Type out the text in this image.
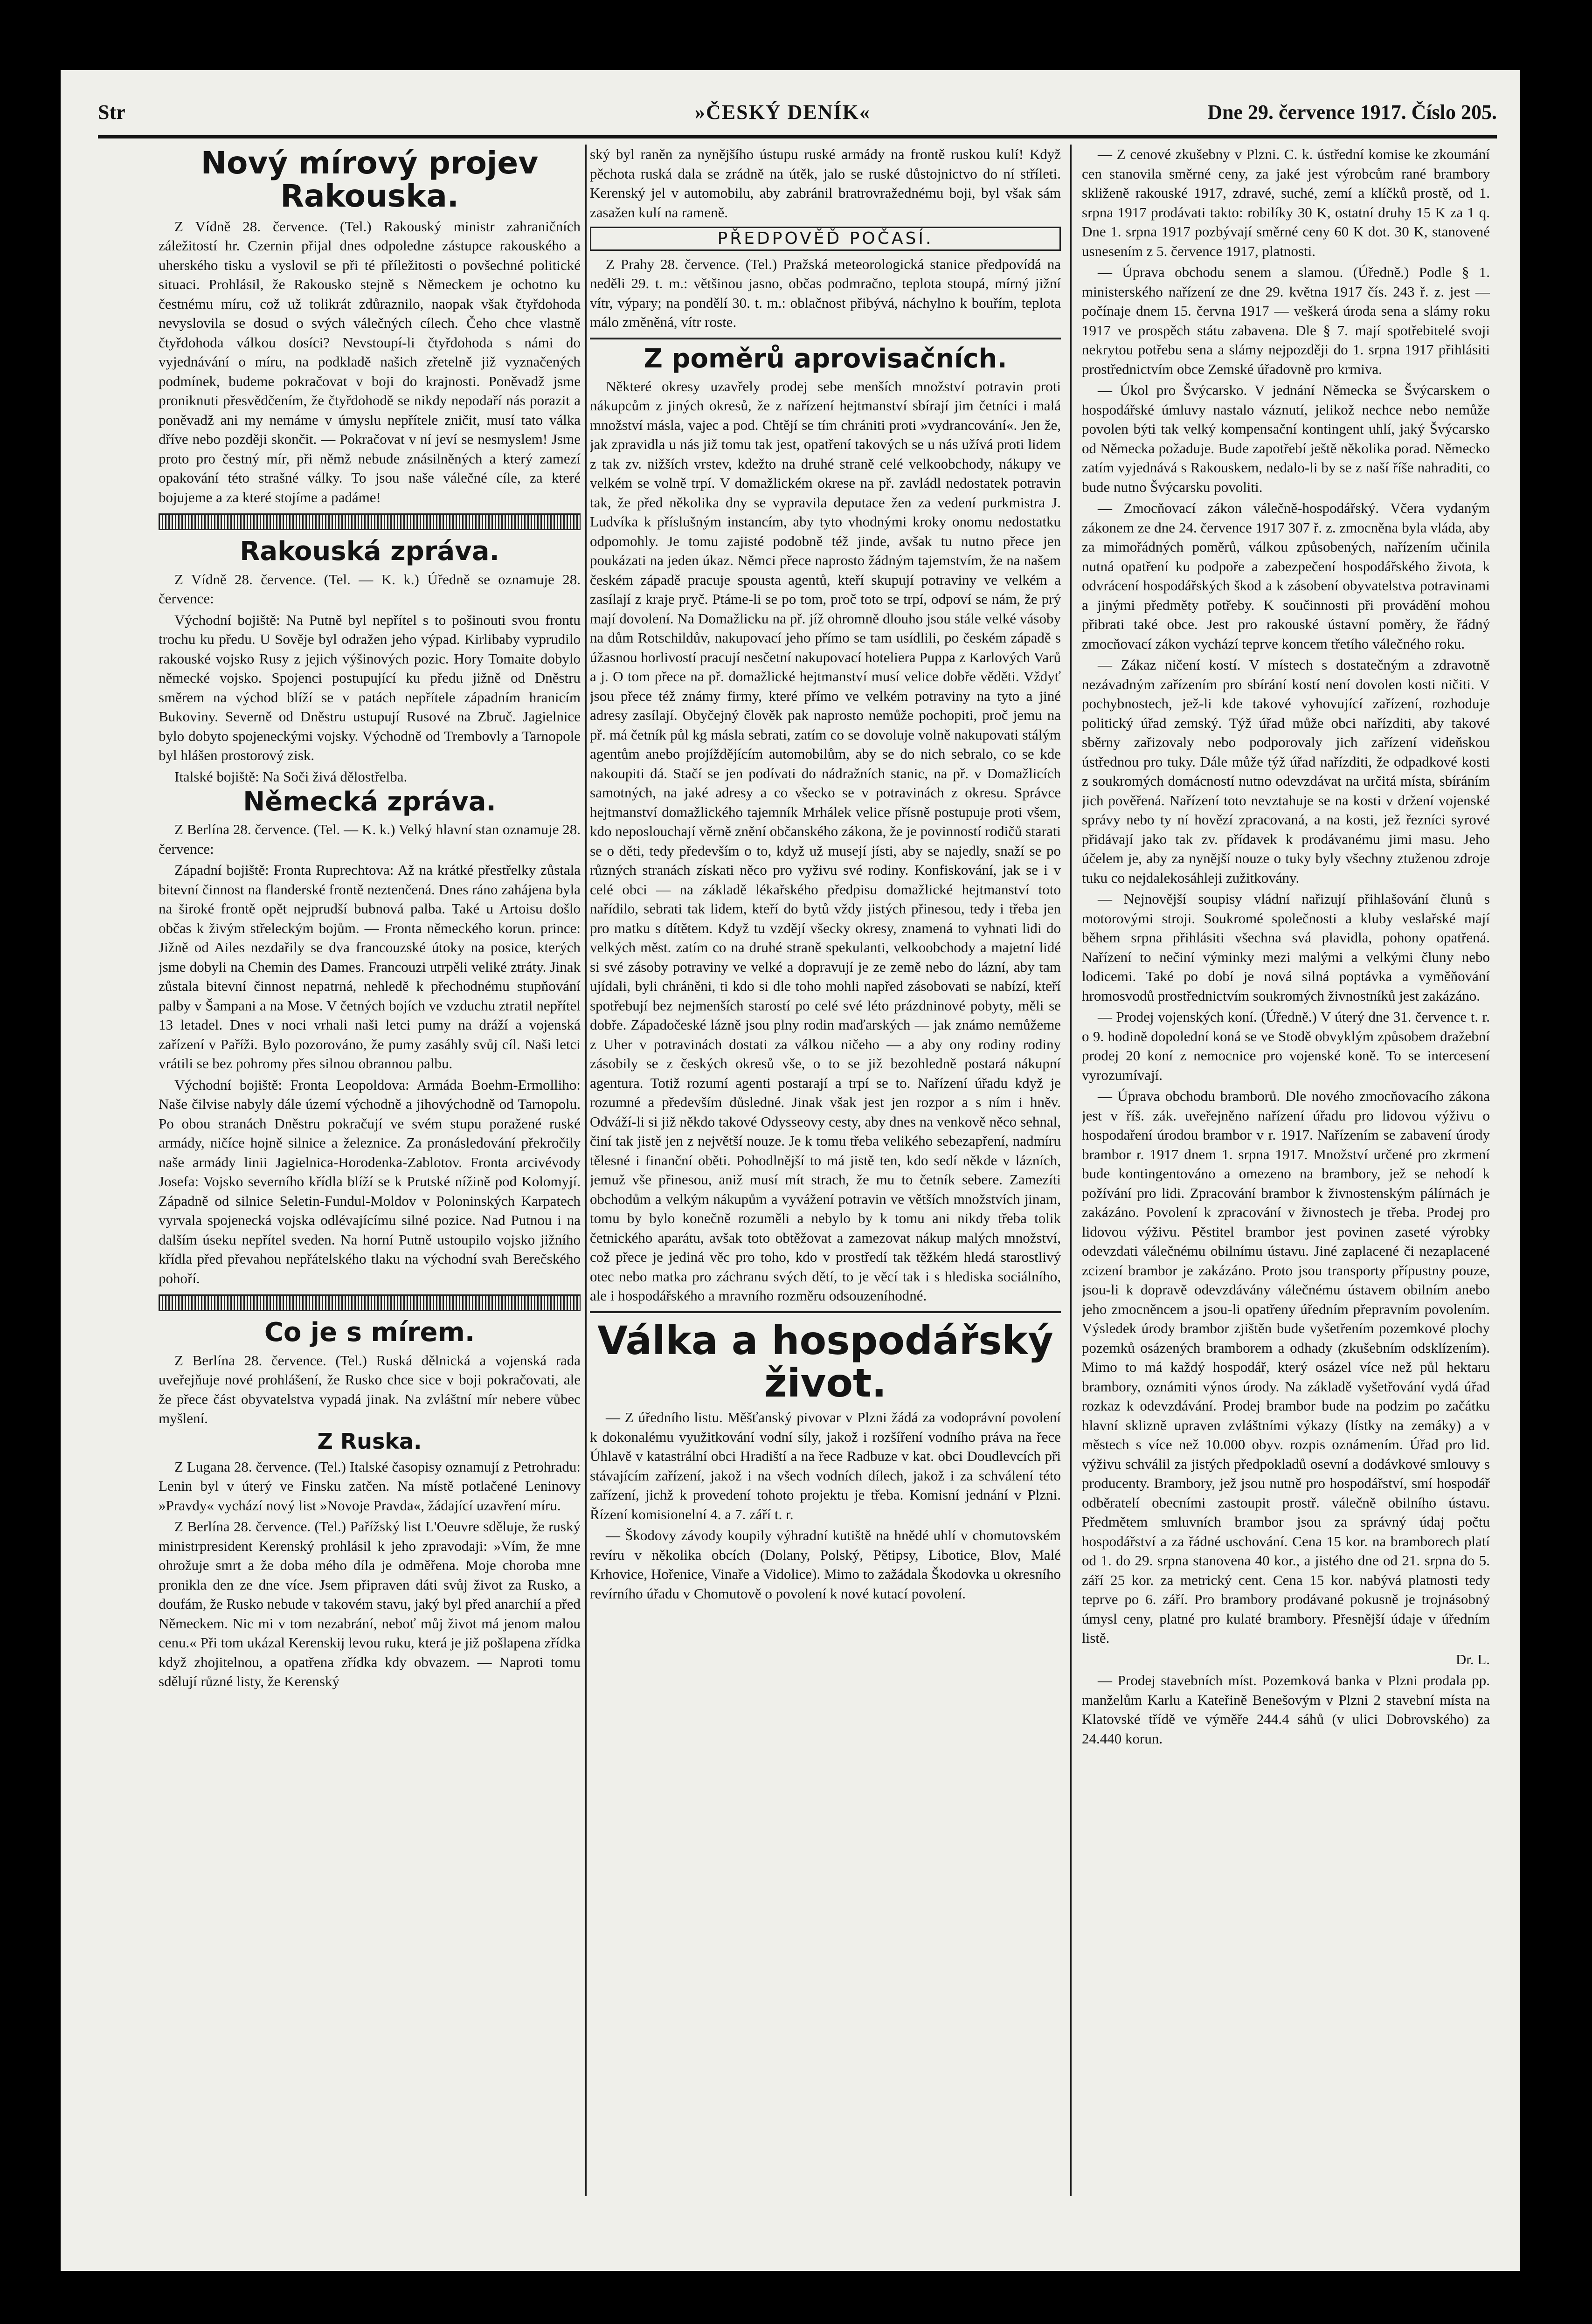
Str	»ČESKÝ DENÍK«	Dne 29. července 1917. Číslo 205.
Nový mírový projev Rakouska.

Z Vídně 28. července. (Tel.) Rakouský ministr zahraničních záležitostí hr. Czernin přijal dnes odpoledne zástupce rakouského a uherského tisku a vyslovil se při té příležitosti o povšechné politické situaci. Prohlásil, že Rakousko stejně s Německem je ochotno ku čestnému míru, což už tolikrát zdůraznilo, naopak však čtyřdohoda nevyslovila se dosud o svých válečných cílech. Čeho chce vlastně čtyřdohoda válkou dosíci? Nevstoupí-li čtyřdohoda s námi do vyjednávání o míru, na podkladě našich zřetelně již vyznačených podmínek, budeme pokračovat v boji do krajnosti. Poněvadž jsme proniknuti přesvědčením, že čtyřdohodě se nikdy nepodaří nás porazit a poněvadž ani my nemáme v úmyslu nepřítele zničit, musí tato válka dříve nebo později skončit. — Pokračovat v ní jeví se nesmyslem! Jsme proto pro čestný mír, při němž nebude znásilněných a který zamezí opakování této strašné války. To jsou naše válečné cíle, za které bojujeme a za které stojíme a padáme!

Rakouská zpráva.

Z Vídně 28. července. (Tel. — K. k.) Úředně se oznamuje 28. července:

Východní bojiště: Na Putně byl nepřítel s to pošinouti svou frontu trochu ku předu. U Sověje byl odražen jeho výpad. Kirlibaby vyprudilo rakouské vojsko Rusy z jejich výšinových pozic. Hory Tomaite dobylo německé vojsko. Spojenci postupující ku předu jižně od Dněstru směrem na východ blíží se v patách nepřítele západním hranicím Bukoviny. Severně od Dněstru ustupují Rusové na Zbruč. Jagielnice bylo dobyto spojeneckými vojsky. Východně od Trembovly a Tarnopole byl hlášen prostorový zisk.

Italské bojiště: Na Soči živá dělostřelba.

Německá zpráva.

Z Berlína 28. července. (Tel. — K. k.) Velký hlavní stan oznamuje 28. července:

Západní bojiště: Fronta Ruprechtova: Až na krátké přestřelky zůstala bitevní činnost na flanderské frontě neztenčená. Dnes ráno zahájena byla na široké frontě opět nejprudší bubnová palba. Také u Artoisu došlo občas k živým střeleckým bojům. — Fronta německého korun. prince: Jižně od Ailes nezdařily se dva francouzské útoky na posice, kterých jsme dobyli na Chemin des Dames. Francouzi utrpěli veliké ztráty. Jinak zůstala bitevní činnost nepatrná, nehledě k přechodnému stupňování palby v Šampani a na Mose. V četných bojích ve vzduchu ztratil nepřítel 13 letadel. Dnes v noci vrhali naši letci pumy na dráží a vojenská zařízení v Paříži. Bylo pozorováno, že pumy zasáhly svůj cíl. Naši letci vrátili se bez pohromy přes silnou obrannou palbu.

Východní bojiště: Fronta Leopoldova: Armáda Boehm-Ermolliho: Naše čilvise nabyly dále území východně a jihovýchodně od Tarnopolu. Po obou stranách Dněstru pokračují ve svém stupu poražené ruské armády, ničíce hojně silnice a železnice. Za pronásledování překročily naše armády linii Jagielnica-Horodenka-Zablotov. Fronta arcivévody Josefa: Vojsko severního křídla blíží se k Prutské nížině pod Kolomyjí. Západně od silnice Seletin-Fundul-Moldov v Poloninských Karpatech vyrvala spojenecká vojska odlévajícímu silné pozice. Nad Putnou i na dalším úseku nepřítel sveden. Na horní Putně ustoupilo vojsko jižního křídla před převahou nepřátelského tlaku na východní svah Berečského pohoří.

Co je s mírem.

Z Berlína 28. července. (Tel.) Ruská dělnická a vojenská rada uveřejňuje nové prohlášení, že Rusko chce sice v boji pokračovati, ale že přece část obyvatelstva vypadá jinak. Na zvláštní mír nebere vůbec myšlení.

Z Ruska.

Z Lugana 28. července. (Tel.) Italské časopisy oznamují z Petrohradu: Lenin byl v úterý ve Finsku zatčen. Na místě potlačené Leninovy »Pravdy« vychází nový list »Novoje Pravda«, žádající uzavření míru.

Z Berlína 28. července. (Tel.) Pařížský list L'Oeuvre sděluje, že ruský ministrpresident Kerenský prohlásil k jeho zpravodaji: »Vím, že mne ohrožuje smrt a že doba mého díla je odměřena. Moje choroba mne pronikla den ze dne více. Jsem připraven dáti svůj život za Rusko, a doufám, že Rusko nebude v takovém stavu, jaký byl před anarchií a před Německem. Nic mi v tom nezabrání, neboť můj život má jenom malou cenu.« Při tom ukázal Kerenskij levou ruku, která je již pošlapena zřídka když zhojitelnou, a opatřena zřídka kdy obvazem. — Naproti tomu sdělují různé listy, že Kerenský

ský byl raněn za nynějšího ústupu ruské armády na frontě ruskou kulí! Když pěchota ruská dala se zrádně na útěk, jalo se ruské důstojnictvo do ní stříleti. Kerenský jel v automobilu, aby zabránil bratrovražednému boji, byl však sám zasažen kulí na rameně.

PŘEDPOVĚĎ POČASÍ.

Z Prahy 28. července. (Tel.) Pražská meteorologická stanice předpovídá na neděli 29. t. m.: většinou jasno, občas podmračno, teplota stoupá, mírný jižní vítr, výpary; na pondělí 30. t. m.: oblačnost přibývá, náchylno k bouřím, teplota málo změněná, vítr roste.

Z poměrů aprovisačních.

Některé okresy uzavřely prodej sebe menších množství potravin proti nákupcům z jiných okresů, že z nařízení hejtmanství sbírají jim četníci i malá množství másla, vajec a pod. Chtějí se tím chrániti proti »vydrancování«. Jen že, jak zpravidla u nás již tomu tak jest, opatření takových se u nás užívá proti lidem z tak zv. nižších vrstev, kdežto na druhé straně celé velkoobchody, nákupy ve velkém se volně trpí. V domažlickém okrese na př. zavládl nedostatek potravin tak, že před několika dny se vypravila deputace žen za vedení purkmistra J. Ludvíka k příslušným instancím, aby tyto vhodnými kroky onomu nedostatku odpomohly. Je tomu zajisté podobně též jinde, avšak tu nutno přece jen poukázati na jeden úkaz. Němci přece naprosto žádným tajemstvím, že na našem českém západě pracuje spousta agentů, kteří skupují potraviny ve velkém a zasílají z kraje pryč. Ptáme-li se po tom, proč toto se trpí, odpoví se nám, že prý mají dovolení. Na Domažlicku na př. jíž ohromně dlouho jsou stále velké vásoby na dům Rotschildův, nakupovací jeho přímo se tam usídlili, po českém západě s úžasnou horlivostí pracují nesčetní nakupovací hoteliera Puppa z Karlových Varů a j. O tom přece na př. domažlické hejtmanství musí velice dobře věděti. Vždyť jsou přece též známy firmy, které přímo ve velkém potraviny na tyto a jiné adresy zasílají. Obyčejný člověk pak naprosto nemůže pochopiti, proč jemu na př. má četník půl kg másla sebrati, zatím co se dovoluje volně nakupovati stálým agentům anebo projíždějícím automobilům, aby se do nich sebralo, co se kde nakoupiti dá. Stačí se jen podívati do nádražních stanic, na př. v Domažlicích samotných, na jaké adresy a co všecko se v potravinách z okresu. Správce hejtmanství domažlického tajemník Mrhálek velice přísně postupuje proti všem, kdo neposlouchají věrně znění občanského zákona, že je povinností rodičů starati se o děti, tedy především o to, když už musejí jísti, aby se najedly, snaží se po různých stranách získati něco pro vyživu své rodiny. Konfiskování, jak se i v celé obci — na základě lékařského předpisu domažlické hejtmanství toto nařídilo, sebrati tak lidem, kteří do bytů vždy jistých přinesou, tedy i třeba jen pro matku s dítětem. Když tu vzdějí všecky okresy, znamená to vyhnati lidi do velkých měst. zatím co na druhé straně spekulanti, velkoobchody a majetní lidé si své zásoby potraviny ve velké a dopravují je ze země nebo do lázní, aby tam ujídali, byli chráněni, ti kdo si dle toho mohli napřed zásobovati se nabízí, kteří spotřebují bez nejmenších starostí po celé své léto prázdninové pobyty, měli se dobře. Západočeské lázně jsou plny rodin maďarských — jak známo nemůžeme z Uher v potravinách dostati za válkou ničeho — a aby ony rodiny rodiny zásobily se z českých okresů vše, o to se již bezohledně postará nákupní agentura. Totiž rozumí agenti postarají a trpí se to. Nařízení úřadu když je rozumné a především důsledné. Jinak však jest jen rozpor a s ním i hněv. Odváží-li si již někdo takové Odysseovy cesty, aby dnes na venkově něco sehnal, činí tak jistě jen z největší nouze. Je k tomu třeba velikého sebezapření, nadmíru tělesné i finanční oběti. Pohodlnější to má jistě ten, kdo sedí někde v lázních, jemuž vše přinesou, aniž musí mít strach, že mu to četník sebere. Zamezíti obchodům a velkým nákupům a vyvážení potravin ve větších množstvích jinam, tomu by bylo konečně rozuměli a nebylo by k tomu ani nikdy třeba tolik četnického aparátu, avšak toto obtěžovat a zamezovat nákup malých množství, což přece je jediná věc pro toho, kdo v prostředí tak těžkém hledá starostlivý otec nebo matka pro záchranu svých dětí, to je věcí tak i s hlediska sociálního, ale i hospodářského a mravního rozměru odsouzeníhodné.

Válka a hospodářský život.

— Z úředního listu. Měšťanský pivovar v Plzni žádá za vodoprávní povolení k dokonalému využitkování vodní síly, jakož i rozšíření vodního práva na řece Úhlavě v katastrální obci Hradiští a na řece Radbuze v kat. obci Doudlevcích při stávajícím zařízení, jakož i na všech vodních dílech, jakož i za schválení této zařízení, jichž k provedení tohoto projektu je třeba. Komisní jednání v Plzni. Řízení komisionelní 4. a 7. září t. r.

— Škodovy závody koupily výhradní kutiště na hnědé uhlí v chomutovském revíru v několika obcích (Dolany, Polský, Pětipsy, Libotice, Blov, Malé Krhovice, Hořenice, Vinaře a Vidolice). Mimo to zažádala Škodovka u okresního revírního úřadu v Chomutově o povolení k nové kutací povolení.

— Z cenové zkušebny v Plzni. C. k. ústřední komise ke zkoumání cen stanovila směrné ceny, za jaké jest výrobcům rané brambory skliženě rakouské 1917, zdravé, suché, zemí a klíčků prostě, od 1. srpna 1917 prodávati takto: robilíky 30 K, ostatní druhy 15 K za 1 q. Dne 1. srpna 1917 pozbývají směrné ceny 60 K dot. 30 K, stanovené usnesením z 5. července 1917, platnosti.

— Úprava obchodu senem a slamou. (Úředně.) Podle § 1. ministerského nařízení ze dne 29. května 1917 čís. 243 ř. z. jest — počínaje dnem 15. června 1917 — veškerá úroda sena a slámy roku 1917 ve prospěch státu zabavena. Dle § 7. mají spotřebitelé svoji nekrytou potřebu sena a slámy nejpozději do 1. srpna 1917 přihlásiti prostřednictvím obce Zemské úřadovně pro krmiva.

— Úkol pro Švýcarsko. V jednání Německa se Švýcarskem o hospodářské úmluvy nastalo váznutí, jelikož nechce nebo nemůže povolen býti tak velký kompensační kontingent uhlí, jaký Švýcarsko od Německa požaduje. Bude zapotřebí ještě několika porad. Německo zatím vyjednává s Rakouskem, nedalo-li by se z naší říše nahraditi, co bude nutno Švýcarsku povoliti.

— Zmocňovací zákon válečně-hospodářský. Včera vydaným zákonem ze dne 24. července 1917 307 ř. z. zmocněna byla vláda, aby za mimořádných poměrů, válkou způsobených, nařízením učinila nutná opatření ku podpoře a zabezpečení hospodářského života, k odvrácení hospodářských škod a k zásobení obyvatelstva potravinami a jinými předměty potřeby. K součinnosti při provádění mohou přibrati také obce. Jest pro rakouské ústavní poměry, že řádný zmocňovací zákon vychází teprve koncem třetího válečného roku.

— Zákaz ničení kostí. V místech s dostatečným a zdravotně nezávadným zařízením pro sbírání kostí není dovolen kosti ničiti. V pochybnostech, jež-li kde takové vyhovující zařízení, rozhoduje politický úřad zemský. Týž úřad může obci nařízditi, aby takové sběrny zařizovaly nebo podporovaly jich zařízení videňskou ústřednou pro tuky. Dále může týž úřad nařízditi, že odpadkové kosti z soukromých domácností nutno odevzdávat na určitá místa, sbíráním jich pověřená. Nařízení toto nevztahuje se na kosti v držení vojenské správy nebo ty ní hovězí zpracovaná, a na kosti, jež řezníci syrové přidávají jako tak zv. přídavek k prodávanému jimi masu. Jeho účelem je, aby za nynější nouze o tuky byly všechny ztuženou zdroje tuku co nejdalekosáhleji zužitkovány.

— Nejnovější soupisy vládní nařizují přihlašování člunů s motorovými stroji. Soukromé společnosti a kluby veslařské mají během srpna přihlásiti všechna svá plavidla, pohony opatřená. Nařízení to nečiní výminky mezi malými a velkými čluny nebo lodicemi. Také po dobí je nová silná poptávka a vyměňování hromosvodů prostřednictvím soukromých živnostníků jest zakázáno.

— Prodej vojenských koní. (Úředně.) V úterý dne 31. července t. r. o 9. hodině dopolední koná se ve Stodě obvyklým způsobem dražební prodej 20 koní z nemocnice pro vojenské koně. To se intercesení vyrozumívají.

— Úprava obchodu bramborů. Dle nového zmocňovacího zákona jest v říš. zák. uveřejněno nařízení úřadu pro lidovou výživu o hospodaření úrodou brambor v r. 1917. Nařízením se zabavení úrody brambor r. 1917 dnem 1. srpna 1917. Množství určené pro zkrmení bude kontingentováno a omezeno na brambory, jež se nehodí k požívání pro lidi. Zpracování brambor k živnostenským pálírnách je zakázáno. Povolení k zpracování v živnostech je třeba. Prodej pro lidovou výživu. Pěstitel brambor jest povinen zaseté výrobky odevzdati válečnému obilnímu ústavu. Jiné zaplacené či nezaplacené zcizení brambor je zakázáno. Proto jsou transporty přípustny pouze, jsou-li k dopravě odevzdávány válečnému ústavem obilním anebo jeho zmocněncem a jsou-li opatřeny úředním přepravním povolením. Výsledek úrody brambor zjištěn bude vyšetřením pozemkové plochy pozemků osázených bramborem a odhady (zkušebním odsklízením). Mimo to má každý hospodář, který osázel více než půl hektaru brambory, oznámiti výnos úrody. Na základě vyšetřování vydá úřad rozkaz k odevzdávání. Prodej brambor bude na podzim po začátku hlavní sklizně upraven zvláštními výkazy (lístky na zemáky) a v městech s více než 10.000 obyv. rozpis oznámením. Úřad pro lid. výživu schválil za jistých předpokladů osevní a dodávkové smlouvy s producenty. Brambory, jež jsou nutně pro hospodářství, smí hospodář odběratelí obecními zastoupit prostř. válečně obilního ústavu. Předmětem smluvních brambor jsou za správný údaj počtu hospodářství a za řádné uschování. Cena 15 kor. na bramborech platí od 1. do 29. srpna stanovena 40 kor., a jistého dne od 21. srpna do 5. září 25 kor. za metrický cent. Cena 15 kor. nabývá platnosti tedy teprve po 6. září. Pro brambory prodávané pokusně je trojnásobný úmysl ceny, platné pro kulaté brambory. Přesnější údaje v úředním listě.

Dr. L.

— Prodej stavebních míst. Pozemková banka v Plzni prodala pp. manželům Karlu a Kateřině Benešovým v Plzni 2 stavební místa na Klatovské třídě ve výměře 244.4 sáhů (v ulici Dobrovského) za 24.440 korun.
